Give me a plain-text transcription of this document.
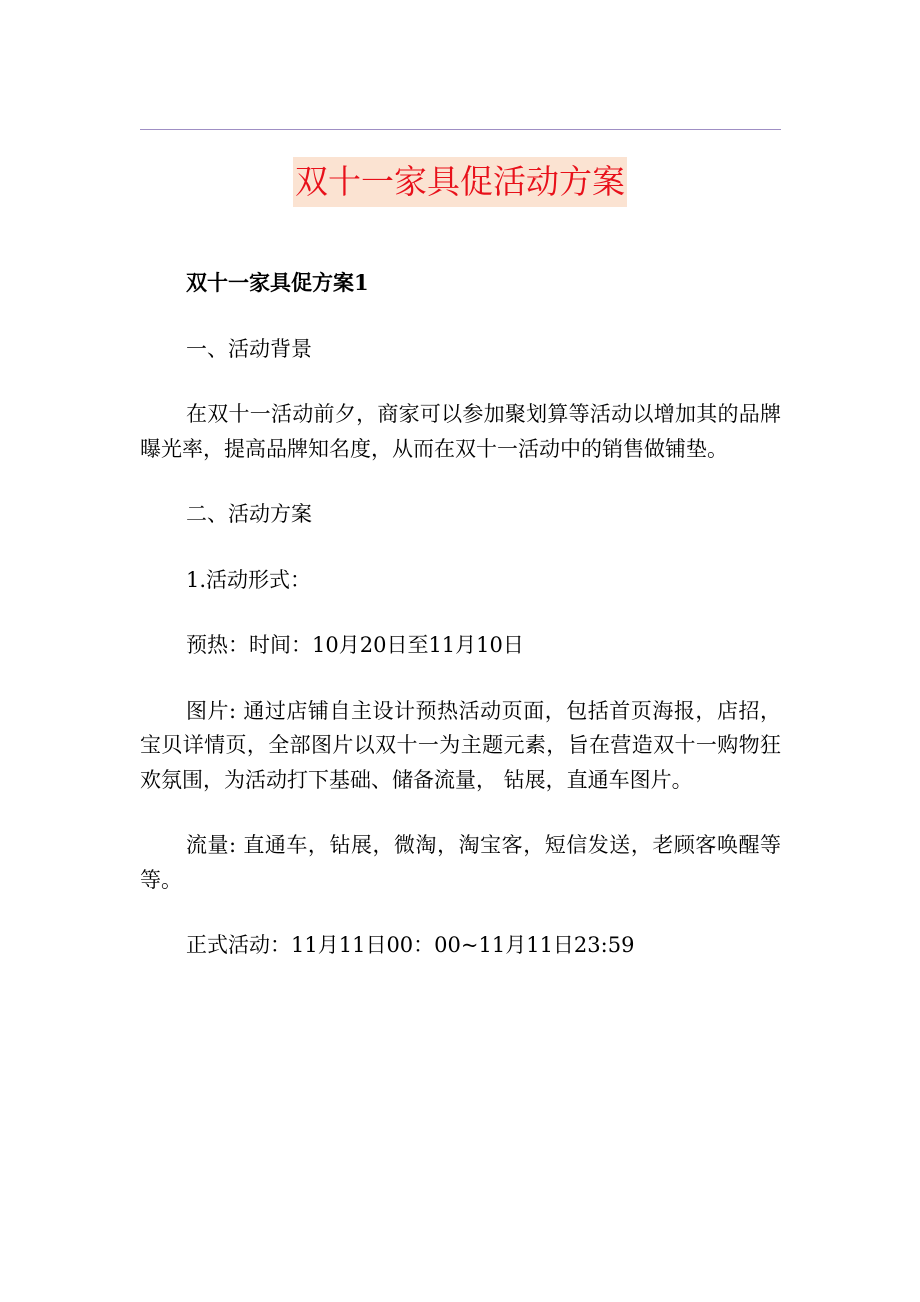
双十一家具促活动方案

双十一家具促方案1

一、活动背景

在双十一活动前夕，商家可以参加聚划算等活动以增加其的品牌曝光率，提高品牌知名度，从而在双十一活动中的销售做铺垫。

二、活动方案

1.活动形式：

预热：时间：10月20日至11月10日

图片: 通过店铺自主设计预热活动页面，包括首页海报，店招，宝贝详情页，全部图片以双十一为主题元素，旨在营造双十一购物狂欢氛围，为活动打下基础、储备流量， 钻展，直通车图片。

流量: 直通车，钻展，微淘，淘宝客，短信发送，老顾客唤醒等等。

正式活动：11月11日00：00~11月11日23:59
